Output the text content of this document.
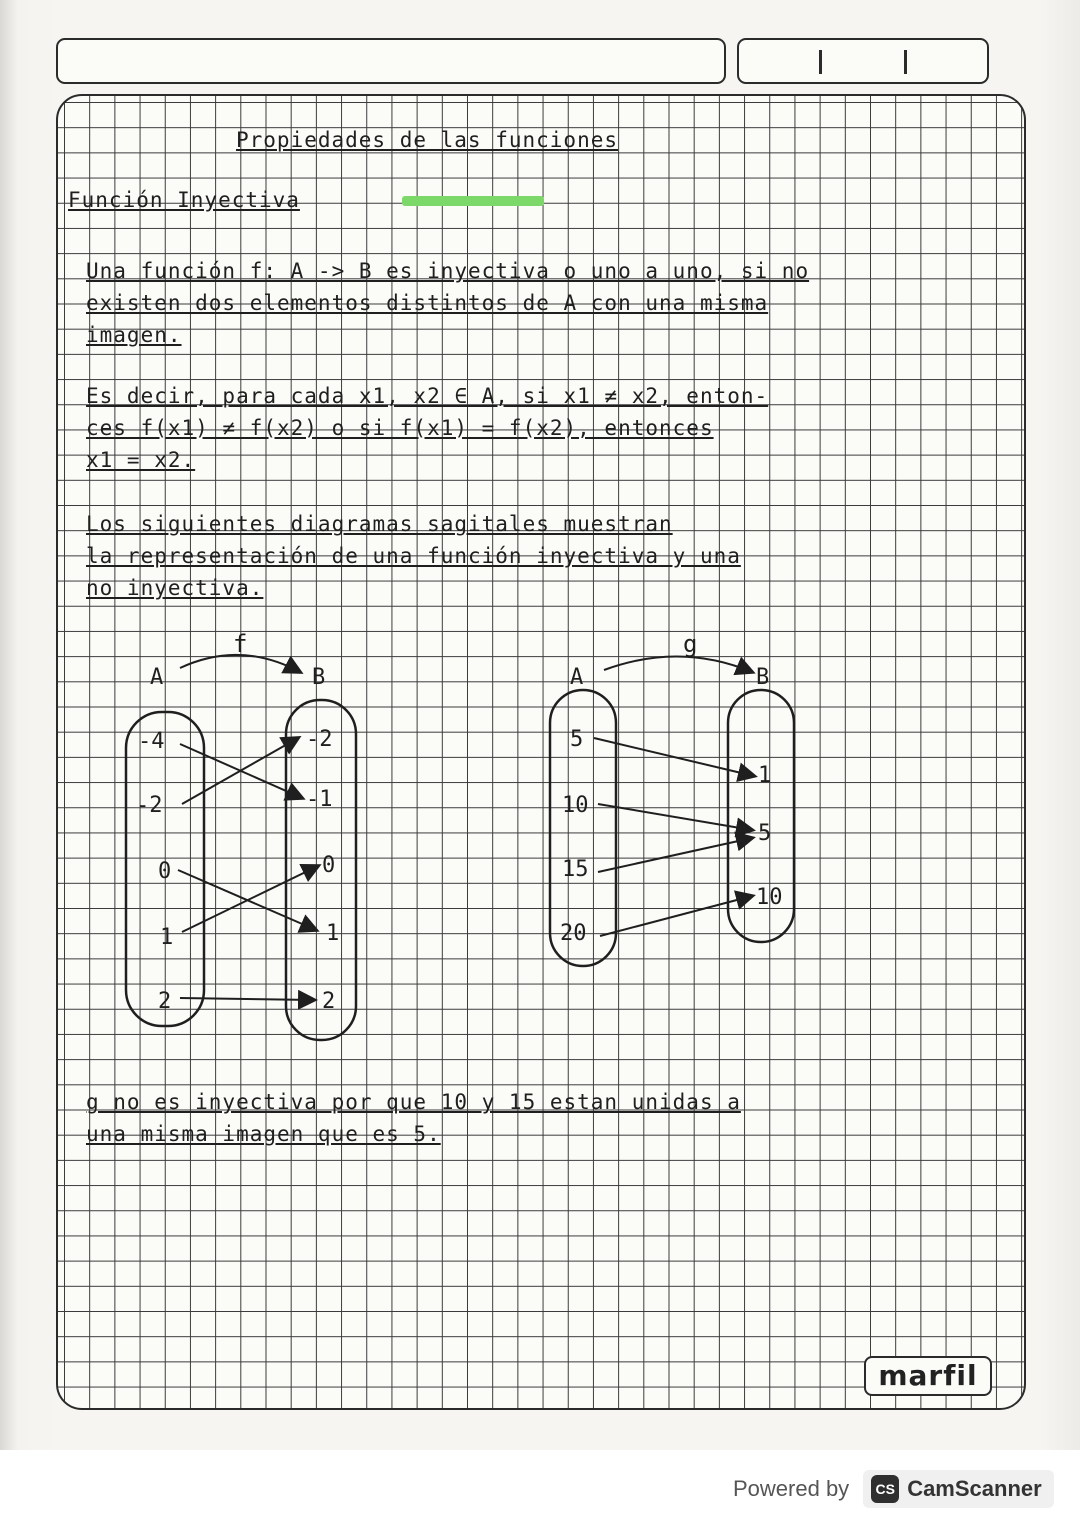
Propiedades de las funciones
Función Inyectiva
Una función f: A -> B es inyectiva o uno a uno, si no
existen dos elementos distintos de A con una misma
imagen.
Es decir, para cada x1, x2 ∈ A, si x1 ≠ x2, enton-
ces f(x1) ≠ f(x2) o si f(x1) = f(x2), entonces
x1 = x2.
Los siguientes diagramas sagitales muestran
la representación de una función inyectiva y una
no inyectiva.
f
A	B
-4
-2
0
1
2
-2
-1
0
1
2
g
A	B
5
10
15
20
1
5
10
g no es inyectiva por que 10 y 15 estan unidas a
una misma imagen que es 5.
marfil
Powered by	CS CamScanner
